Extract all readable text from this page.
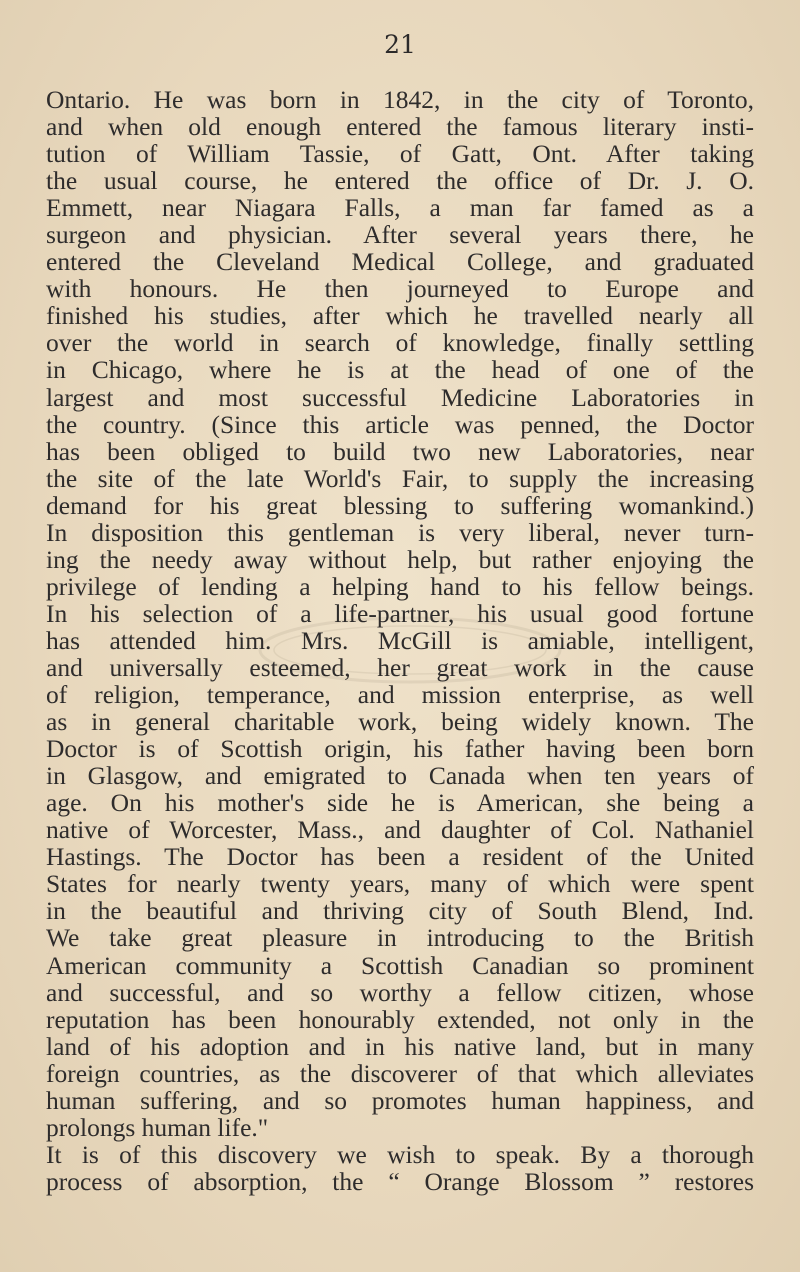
21
Ontario. He was born in 1842, in the city of Toronto,
and when old enough entered the famous literary insti-
tution of William Tassie, of Gatt, Ont. After taking
the usual course, he entered the office of Dr. J. O.
Emmett, near Niagara Falls, a man far famed as a
surgeon and physician. After several years there, he
entered the Cleveland Medical College, and graduated
with honours. He then journeyed to Europe and
finished his studies, after which he travelled nearly all
over the world in search of knowledge, finally settling
in Chicago, where he is at the head of one of the
largest and most successful Medicine Laboratories in
the country. (Since this article was penned, the Doctor
has been obliged to build two new Laboratories, near
the site of the late World's Fair, to supply the increasing
demand for his great blessing to suffering womankind.)
In disposition this gentleman is very liberal, never turn-
ing the needy away without help, but rather enjoying the
privilege of lending a helping hand to his fellow beings.
In his selection of a life-partner, his usual good fortune
has attended him. Mrs. McGill is amiable, intelligent,
and universally esteemed, her great work in the cause
of religion, temperance, and mission enterprise, as well
as in general charitable work, being widely known. The
Doctor is of Scottish origin, his father having been born
in Glasgow, and emigrated to Canada when ten years of
age. On his mother's side he is American, she being a
native of Worcester, Mass., and daughter of Col. Nathaniel
Hastings. The Doctor has been a resident of the United
States for nearly twenty years, many of which were spent
in the beautiful and thriving city of South Blend, Ind.
We take great pleasure in introducing to the British
American community a Scottish Canadian so prominent
and successful, and so worthy a fellow citizen, whose
reputation has been honourably extended, not only in the
land of his adoption and in his native land, but in many
foreign countries, as the discoverer of that which alleviates
human suffering, and so promotes human happiness, and
prolongs human life."
It is of this discovery we wish to speak. By a thorough
process of absorption, the “ Orange Blossom ” restores
